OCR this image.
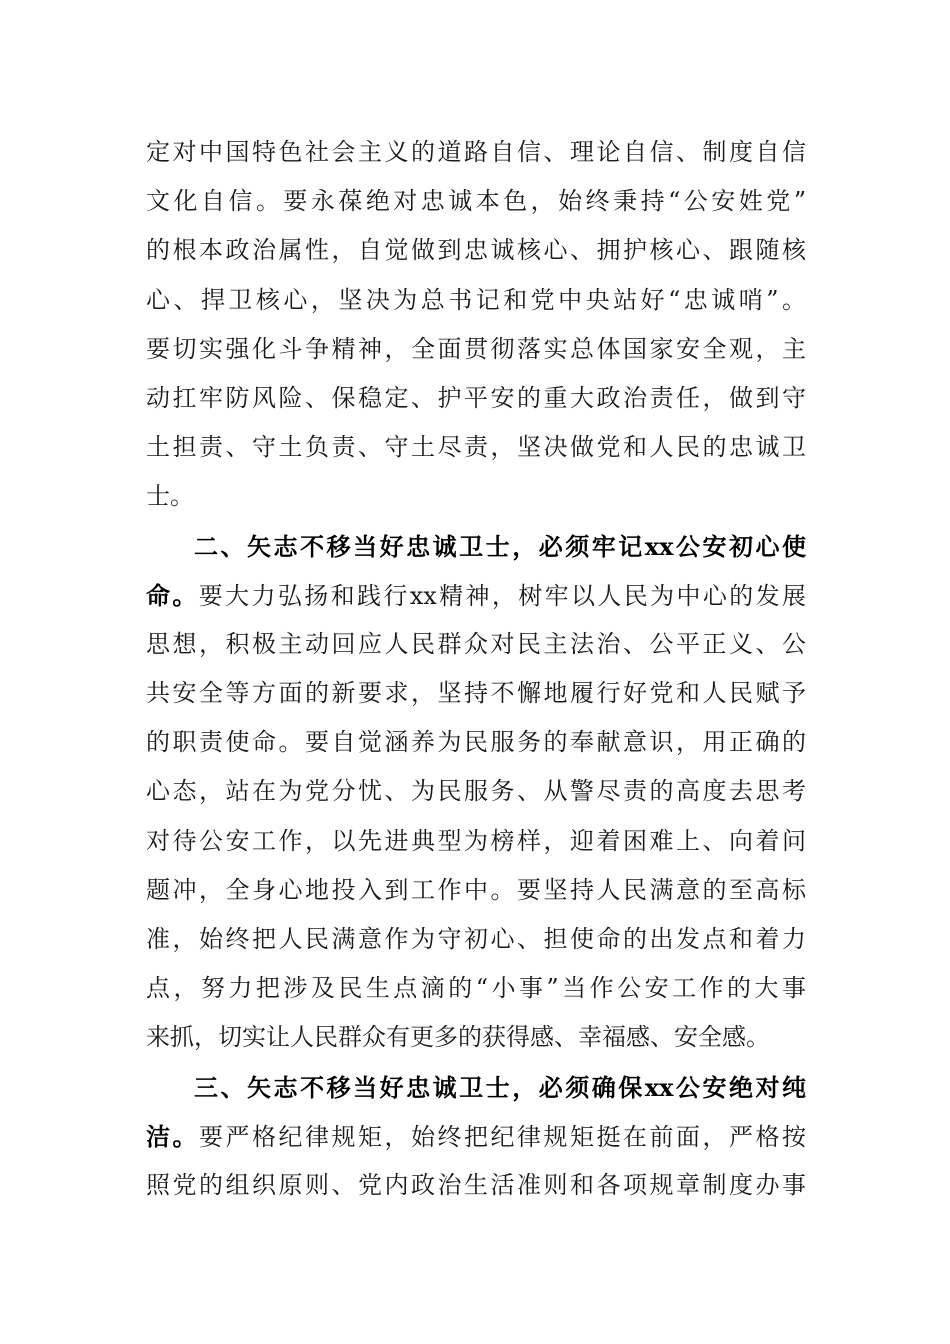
定对中国特色社会主义的道路自信、理论自信、制度自信
文化自信。要永葆绝对忠诚本色，始终秉持“公安姓党”
的根本政治属性，自觉做到忠诚核心、拥护核心、跟随核
心、捍卫核心，坚决为总书记和党中央站好“忠诚哨”。
要切实强化斗争精神，全面贯彻落实总体国家安全观，主
动扛牢防风险、保稳定、护平安的重大政治责任，做到守
土担责、守土负责、守土尽责，坚决做党和人民的忠诚卫
士。
二、矢志不移当好忠诚卫士，必须牢记xx公安初心使
命。要大力弘扬和践行xx精神，树牢以人民为中心的发展
思想，积极主动回应人民群众对民主法治、公平正义、公
共安全等方面的新要求，坚持不懈地履行好党和人民赋予
的职责使命。要自觉涵养为民服务的奉献意识，用正确的
心态，站在为党分忧、为民服务、从警尽责的高度去思考
对待公安工作，以先进典型为榜样，迎着困难上、向着问
题冲，全身心地投入到工作中。要坚持人民满意的至高标
准，始终把人民满意作为守初心、担使命的出发点和着力
点，努力把涉及民生点滴的“小事”当作公安工作的大事
来抓，切实让人民群众有更多的获得感、幸福感、安全感。
三、矢志不移当好忠诚卫士，必须确保xx公安绝对纯
洁。要严格纪律规矩，始终把纪律规矩挺在前面，严格按
照党的组织原则、党内政治生活准则和各项规章制度办事
